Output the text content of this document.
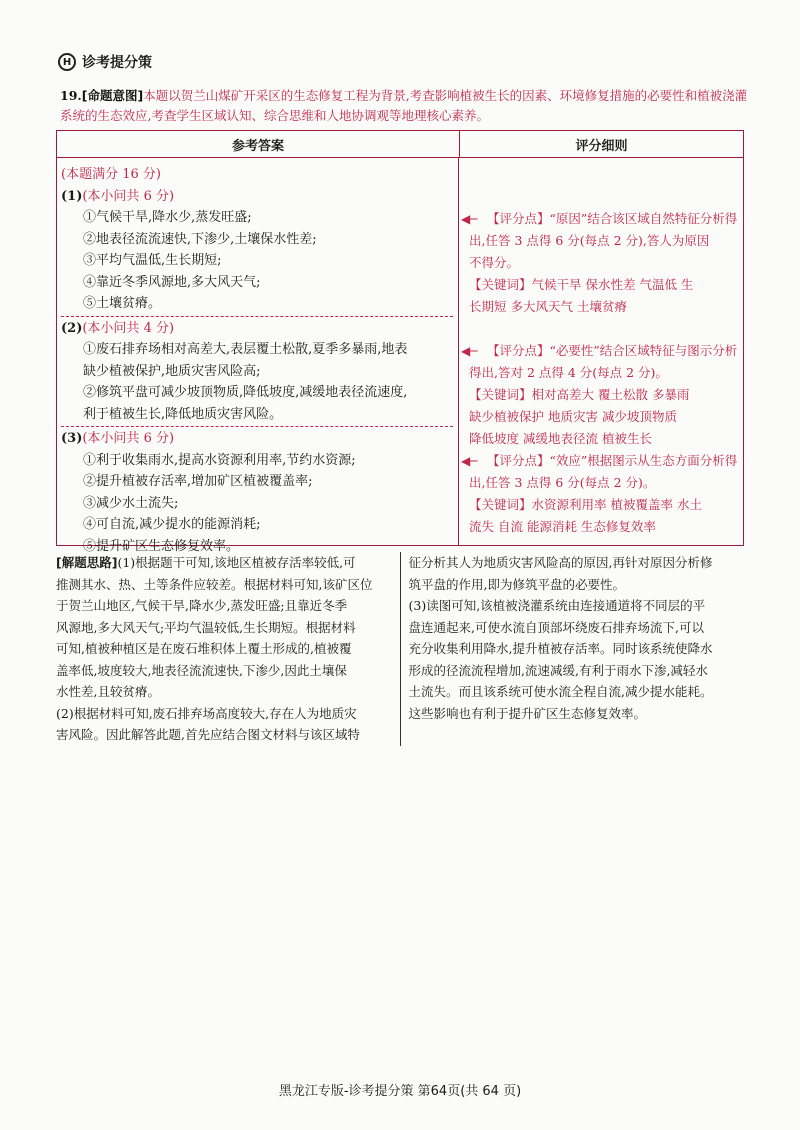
H 诊考提分策
19.[命题意图]本题以贺兰山煤矿开采区的生态修复工程为背景,考查影响植被生长的因素、环境修复措施的必要性和植被浇灌系统的生态效应,考查学生区域认知、综合思维和人地协调观等地理核心素养。
参考答案	评分细则
(本题满分 16 分)
(1)(本小问共 6 分)
①气候干旱,降水少,蒸发旺盛;
②地表径流流速快,下渗少,土壤保水性差;
③平均气温低,生长期短;
④靠近冬季风源地,多大风天气;
⑤土壤贫瘠。
(2)(本小问共 4 分)
①废石排弃场相对高差大,表层覆土松散,夏季多暴雨,地表
缺少植被保护,地质灾害风险高;
②修筑平盘可减少坡顶物质,降低坡度,减缓地表径流速度,
利于植被生长,降低地质灾害风险。
(3)(本小问共 6 分)
①利于收集雨水,提高水资源利用率,节约水资源;
②提升植被存活率,增加矿区植被覆盖率;
③减少水土流失;
④可自流,减少提水的能源消耗;
⑤提升矿区生态修复效率。
◀─ 【评分点】“原因”结合该区域自然特征分析得
出,任答 3 点得 6 分(每点 2 分),答人为原因
不得分。
【关键词】气候干旱 保水性差 气温低 生
长期短 多大风天气 土壤贫瘠
◀─ 【评分点】“必要性”结合区域特征与图示分析
得出,答对 2 点得 4 分(每点 2 分)。
【关键词】相对高差大 覆土松散 多暴雨
缺少植被保护 地质灾害 减少坡顶物质
降低坡度 减缓地表径流 植被生长
◀─ 【评分点】“效应”根据图示从生态方面分析得
出,任答 3 点得 6 分(每点 2 分)。
【关键词】水资源利用率 植被覆盖率 水土
流失 自流 能源消耗 生态修复效率
[解题思路](1)根据题干可知,该地区植被存活率较低,可
推测其水、热、土等条件应较差。根据材料可知,该矿区位
于贺兰山地区,气候干旱,降水少,蒸发旺盛;且靠近冬季
风源地,多大风天气;平均气温较低,生长期短。根据材料
可知,植被种植区是在废石堆积体上覆土形成的,植被覆
盖率低,坡度较大,地表径流流速快,下渗少,因此土壤保
水性差,且较贫瘠。
(2)根据材料可知,废石排弃场高度较大,存在人为地质灾
害风险。因此解答此题,首先应结合图文材料与该区域特
征分析其人为地质灾害风险高的原因,再针对原因分析修
筑平盘的作用,即为修筑平盘的必要性。
(3)读图可知,该植被浇灌系统由连接通道将不同层的平
盘连通起来,可使水流自顶部坏绕废石排弃场流下,可以
充分收集利用降水,提升植被存活率。同时该系统使降水
形成的径流流程增加,流速减缓,有利于雨水下渗,减轻水
土流失。而且该系统可使水流全程自流,减少提水能耗。
这些影响也有利于提升矿区生态修复效率。
黑龙江专版-诊考提分策 第64页(共 64 页)
